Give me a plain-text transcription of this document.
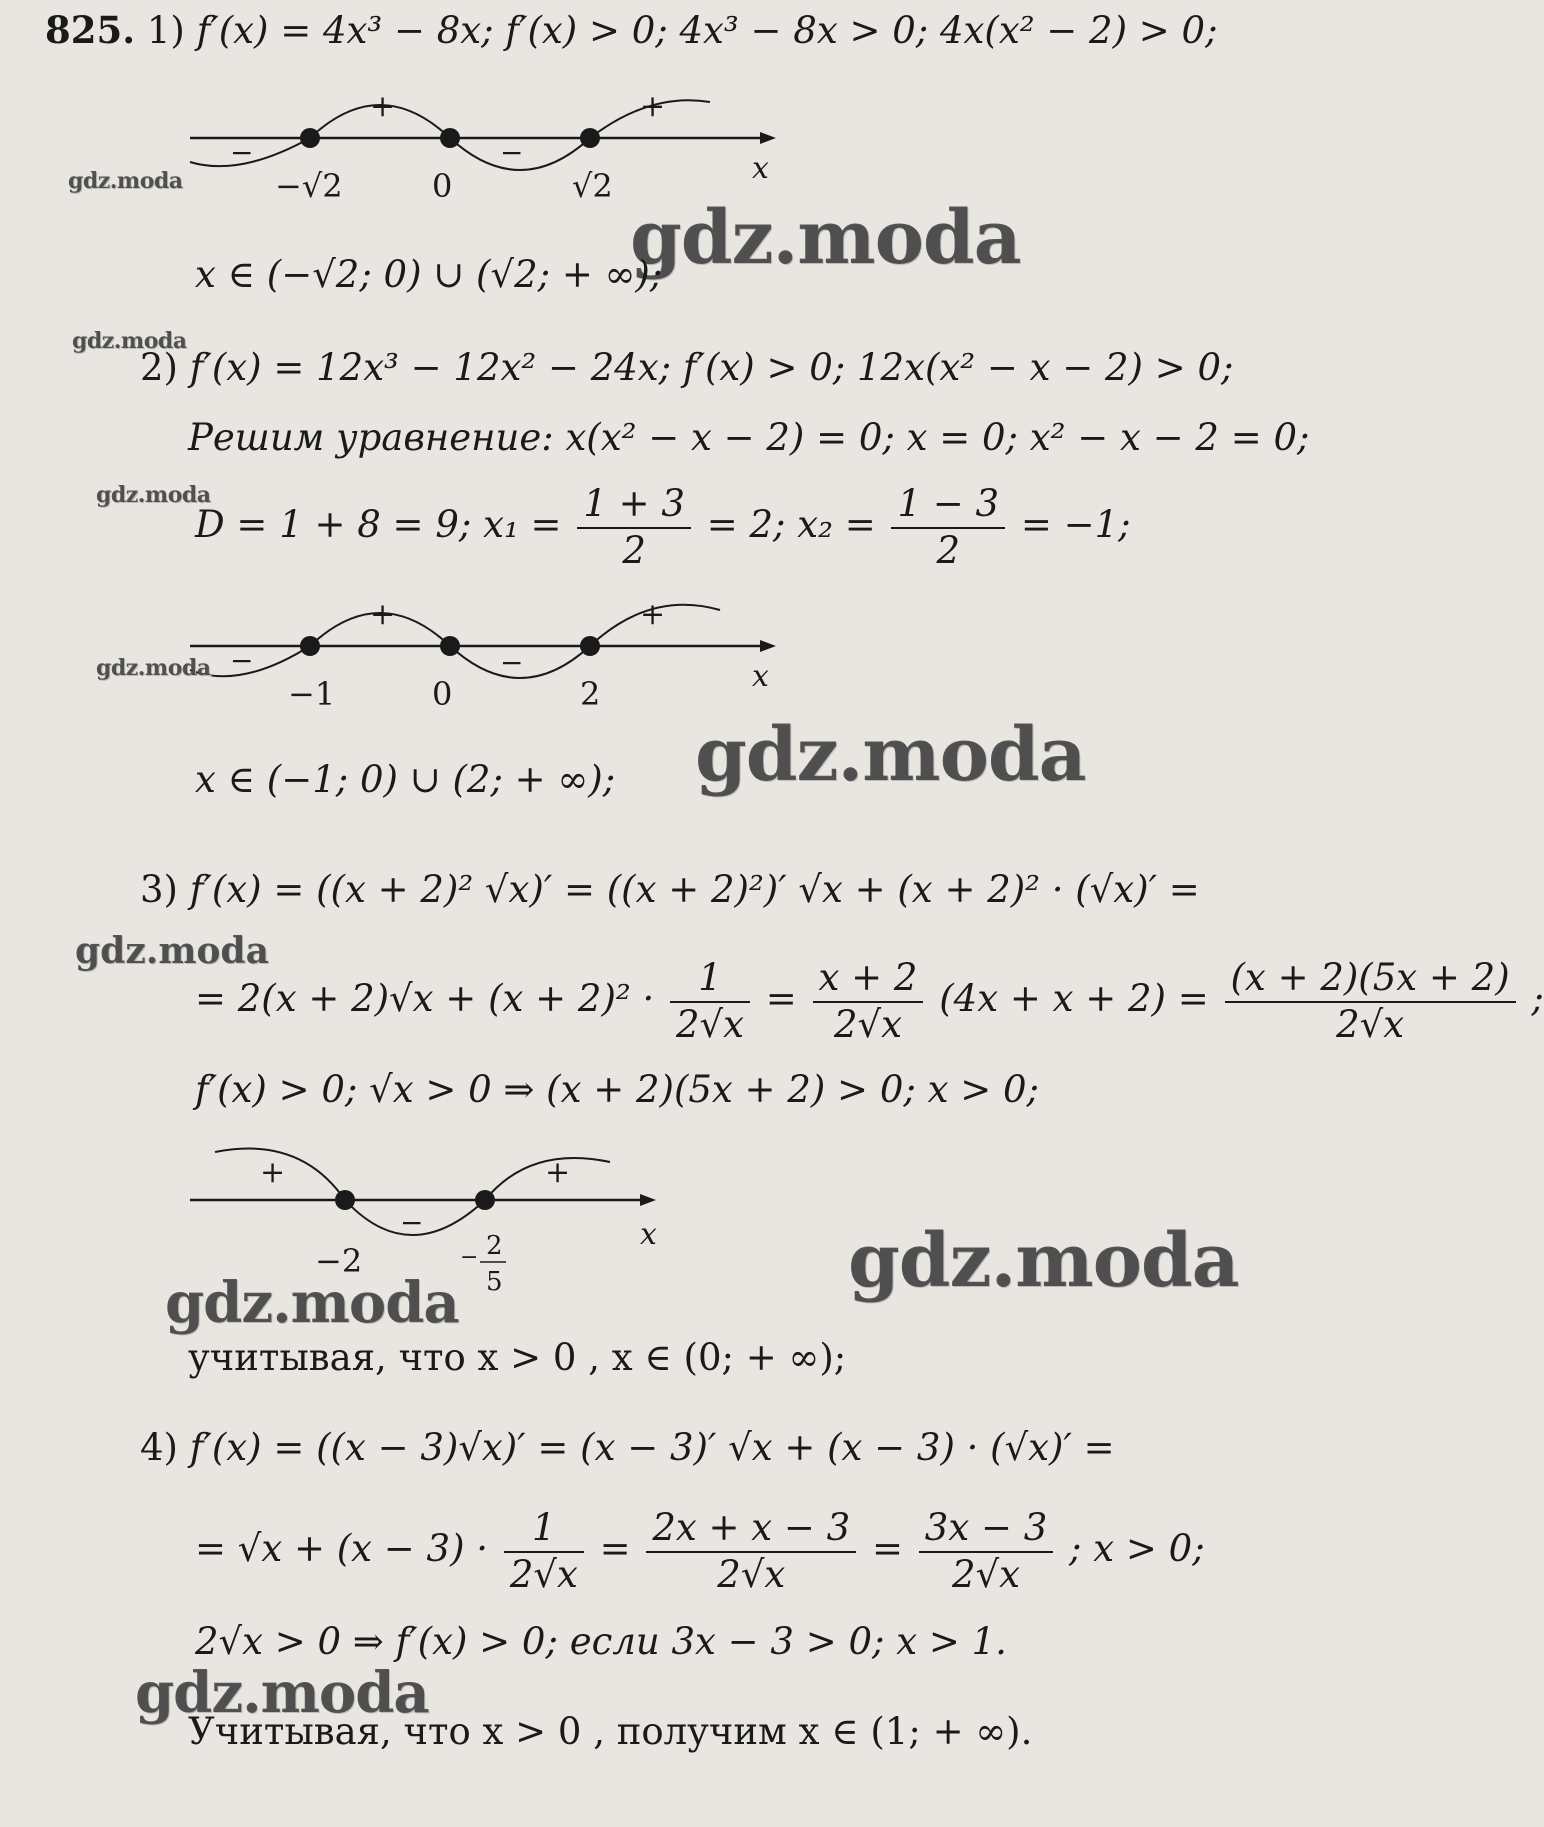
825. 1) f′(x) = 4x³ − 8x; f′(x) > 0; 4x³ − 8x > 0; 4x(x² − 2) > 0;
−
+
−
+
−√2	0	√2	x
gdz.moda
gdz.moda
x ∈ (−√2; 0) ∪ (√2; + ∞);
gdz.moda
2) f′(x) = 12x³ − 12x² − 24x; f′(x) > 0; 12x(x² − x − 2) > 0;
Решим уравнение: x(x² − x − 2) = 0; x = 0; x² − x − 2 = 0;
gdz.moda
D = 1 + 8 = 9; $x_1 = \frac{1 + 3}{2} = 2$; $x_2 = \frac{1 - 3}{2} = -1$;
−
+
−
+
−1	0	2	x
gdz.moda
gdz.moda
x ∈ (−1; 0) ∪ (2; + ∞);
3) f′(x) = ((x + 2)² √x)′ = ((x + 2)²)′ √x + (x + 2)² · (√x)′ =
gdz.moda
= $2(x + 2)√x + (x + 2)^2 \cdot \frac{1}{2√x} = \frac{x + 2}{2√x} (4x + x + 2) = \frac{(x + 2)(5x + 2)}{2√x}$ ;
f′(x) > 0; √x > 0 ⇒ (x + 2)(5x + 2) > 0; x > 0;
+
−
+
−2	− 2
5
x	gdz.moda
gdz.moda
учитывая, что x > 0 , x ∈ (0; + ∞);
4) f′(x) = ((x − 3)√x)′ = (x − 3)′ √x + (x − 3) · (√x)′ =
= $√x + (x - 3) \cdot \frac{1}{2√x} = \frac{2x + x - 3}{2√x} = \frac{3x - 3}{2√x}$ ; x > 0;
2√x > 0 ⇒ f′(x) > 0; если 3x − 3 > 0; x > 1.
gdz.moda
Учитывая, что x > 0 , получим x ∈ (1; + ∞).
